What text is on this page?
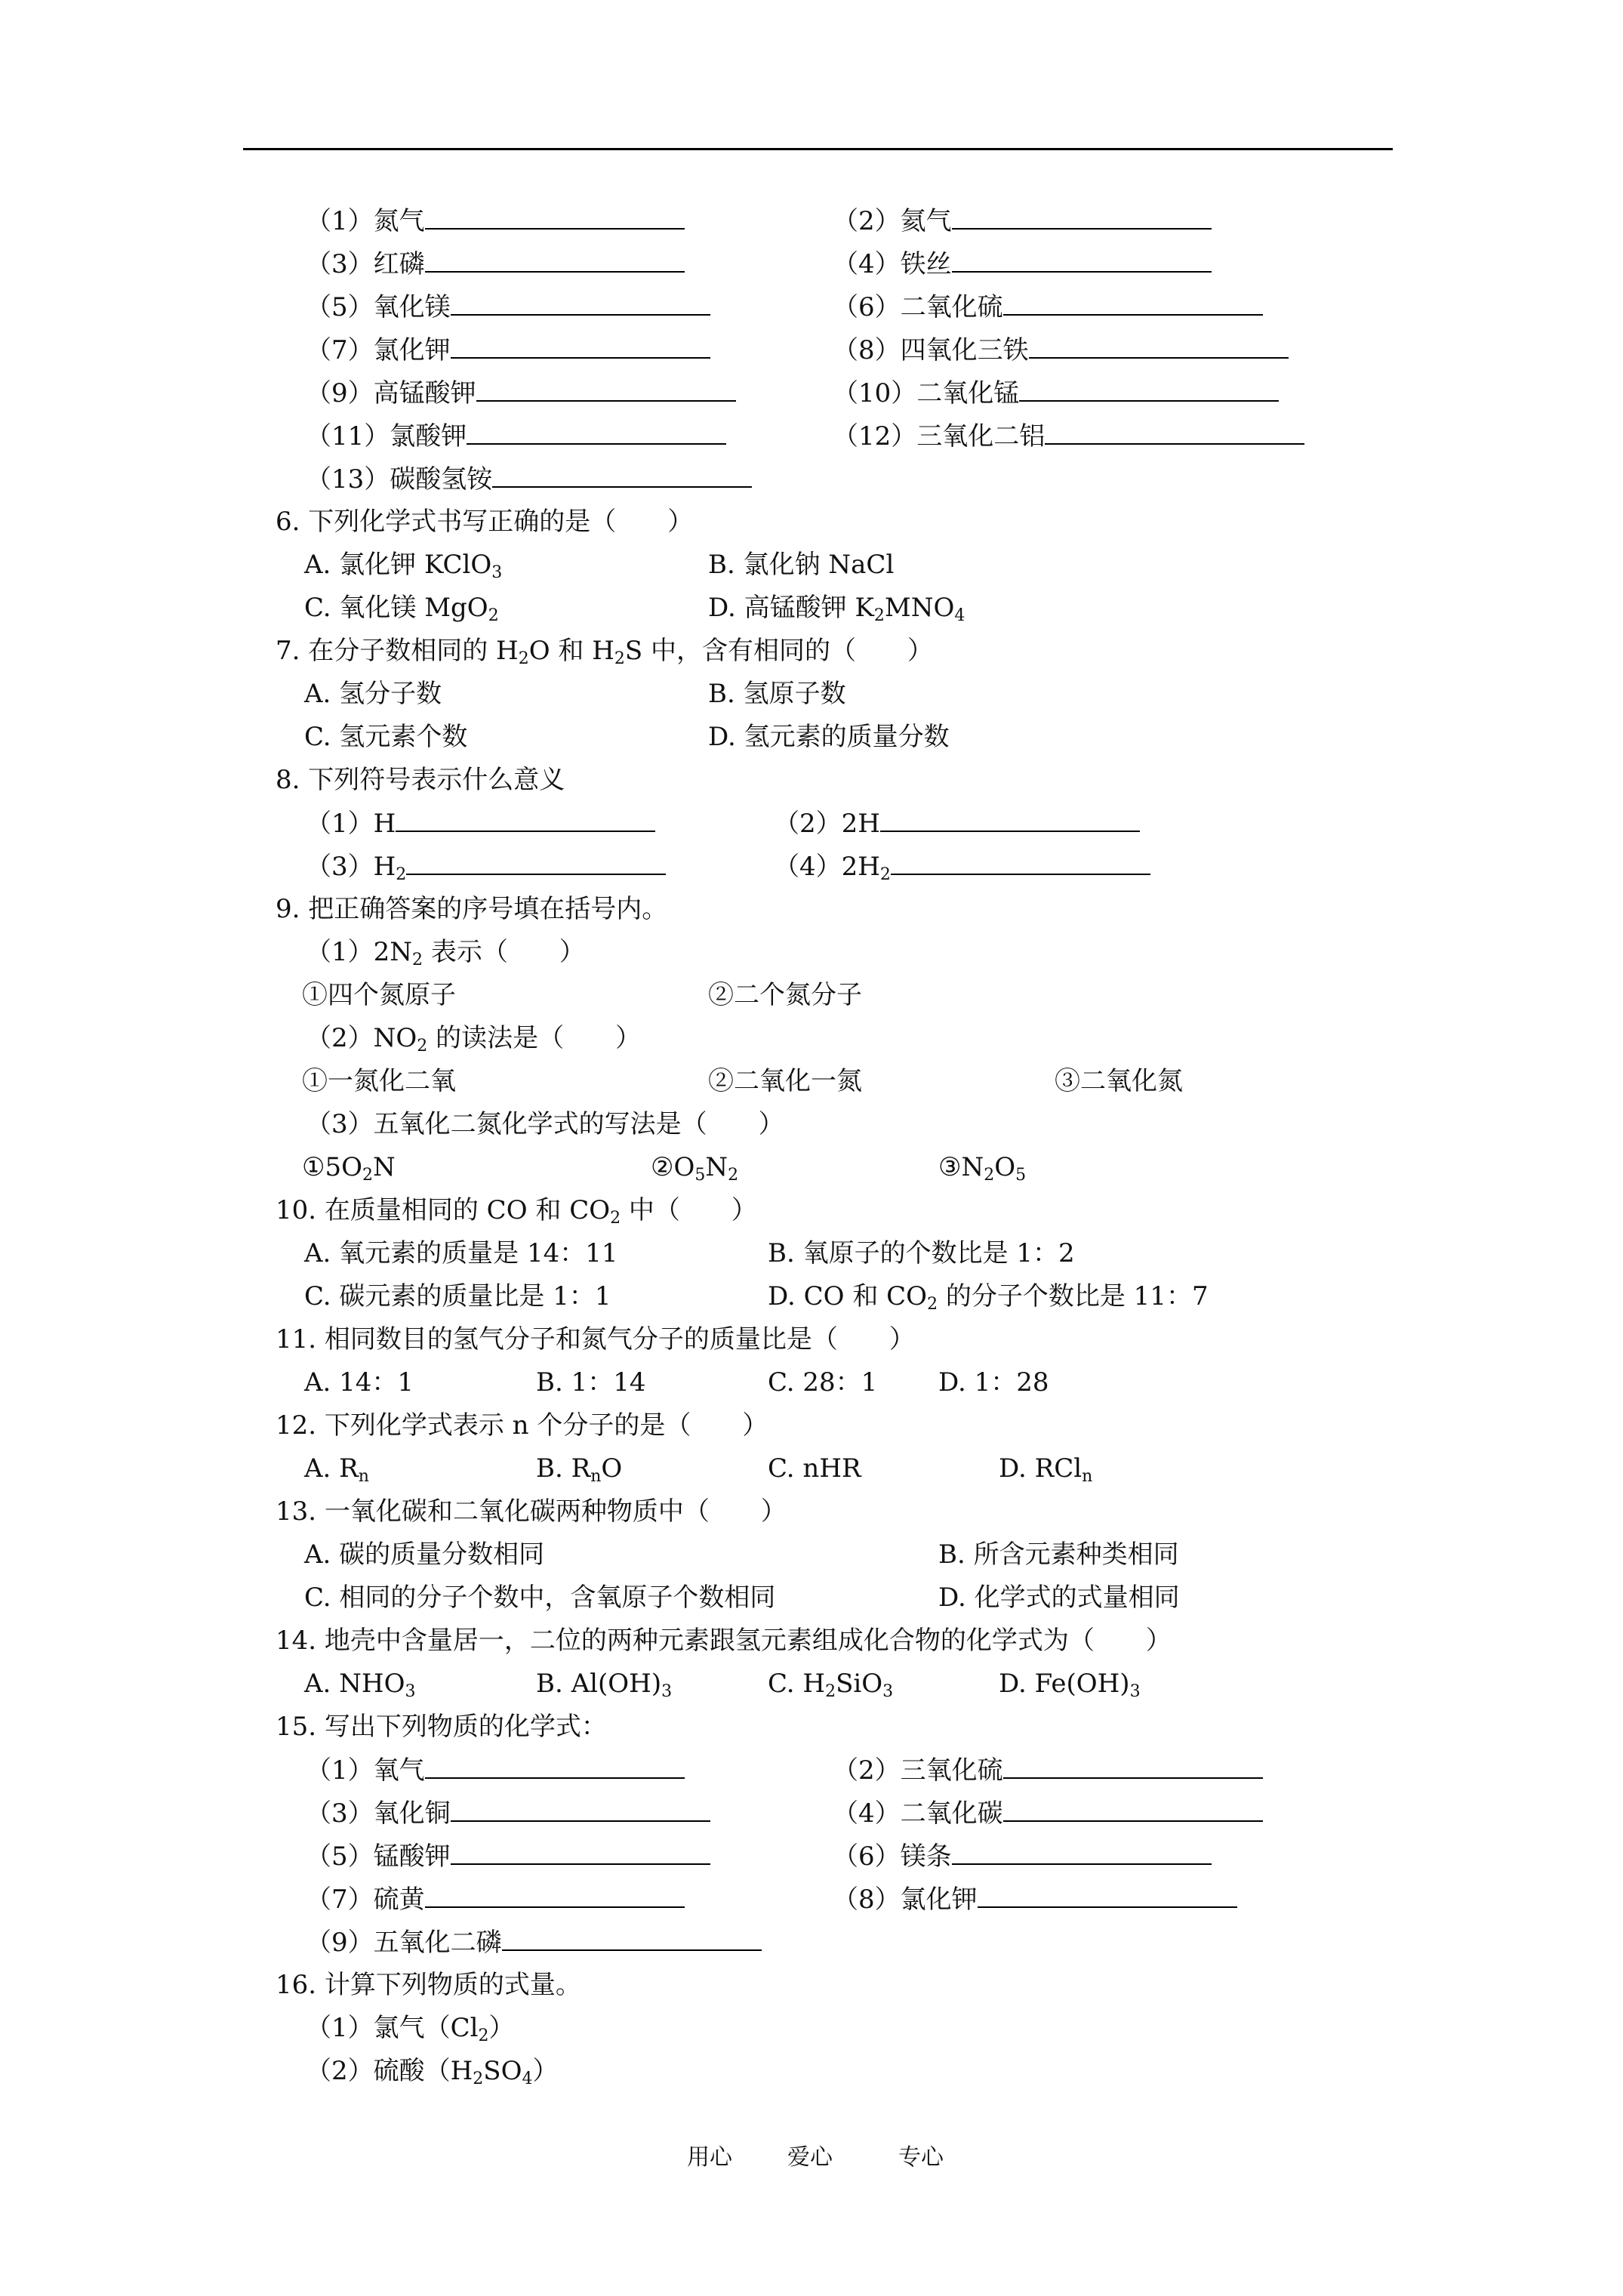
（1）氮气	（2）氦气
（3）红磷	（4）铁丝
（5）氧化镁	（6）二氧化硫
（7）氯化钾	（8）四氧化三铁
（9）高锰酸钾	（10）二氧化锰
（11）氯酸钾	（12）三氧化二铝
（13）碳酸氢铵
6. 下列化学式书写正确的是（　　）
A. 氯化钾 KClO$_3$	B. 氯化钠 NaCl
C. 氧化镁 MgO$_2$	D. 高锰酸钾 $K_2MNO_4$
7. 在分子数相同的 $H_2O$ 和 $H_2S$ 中，含有相同的（　　）
A. 氢分子数	B. 氢原子数
C. 氢元素个数	D. 氢元素的质量分数
8. 下列符号表示什么意义
（1）H	（2）2H
$(3)H_2$	$(4)2H_2$
9. 把正确答案的序号填在括号内。
$(1)2N_2$ 表示（　　）
①四个氮原子	②二个氮分子
$(2)NO_2$ 的读法是（　　）
①一氮化二氧	②二氧化一氮	③二氧化氮
（3）五氧化二氮化学式的写法是（　　）
$①5O_2N$	$②O_5N_2$	$③N_2O_5$
10. 在质量相同的 CO 和 $CO_2$ 中（　　）
A. 氧元素的质量是 14：11	B. 氧原子的个数比是 1：2
C. 碳元素的质量比是 1：1	D. CO 和 $CO_2$ 的分子个数比是 11：7
11. 相同数目的氢气分子和氮气分子的质量比是（　　）
A. 14：1	B. 1：14	C. 28：1 D. 1：28
12. 下列化学式表示 n 个分子的是（　　）
A. $R_n$	B. $R_nO$	C. nHR	D. RCl$_n$
13. 一氧化碳和二氧化碳两种物质中（　　）
A. 碳的质量分数相同	B. 所含元素种类相同
C. 相同的分子个数中，含氧原子个数相同	D. 化学式的式量相同
14. 地壳中含量居一，二位的两种元素跟氢元素组成化合物的化学式为（　　）
A. $NHO_3$	B. $Al(OH)_3$	C. $H_2SiO_3$	D. $Fe(OH)_3$
15. 写出下列物质的化学式：
（1）氧气	（2）三氧化硫
（3）氧化铜	（4）二氧化碳
（5）锰酸钾	（6）镁条
（7）硫黄	（8）氯化钾
（9）五氧化二磷
16. 计算下列物质的式量。
（1）氯气$(Cl_2)$
（2）硫酸$(H_2SO_4)$
用心 爱心	专心
